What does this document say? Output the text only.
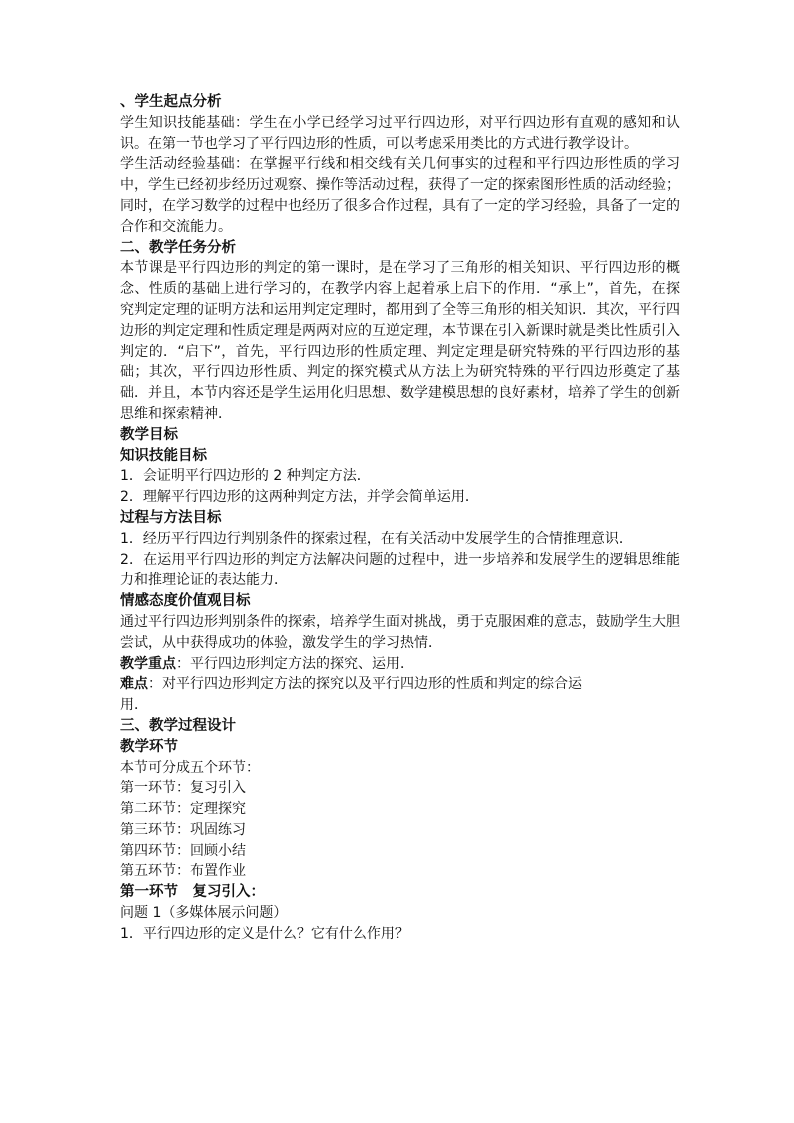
、学生起点分析

学生知识技能基础：学生在小学已经学习过平行四边形，对平行四边形有直观的感知和认识。在第一节也学习了平行四边形的性质，可以考虑采用类比的方式进行教学设计。

学生活动经验基础：在掌握平行线和相交线有关几何事实的过程和平行四边形性质的学习中，学生已经初步经历过观察、操作等活动过程，获得了一定的探索图形性质的活动经验；同时，在学习数学的过程中也经历了很多合作过程，具有了一定的学习经验，具备了一定的合作和交流能力。

二、教学任务分析

本节课是平行四边形的判定的第一课时，是在学习了三角形的相关知识、平行四边形的概念、性质的基础上进行学习的，在教学内容上起着承上启下的作用．“承上”，首先，在探究判定定理的证明方法和运用判定定理时，都用到了全等三角形的相关知识．其次，平行四边形的判定定理和性质定理是两两对应的互逆定理，本节课在引入新课时就是类比性质引入判定的．“启下”，首先，平行四边形的性质定理、判定定理是研究特殊的平行四边形的基础；其次，平行四边形性质、判定的探究模式从方法上为研究特殊的平行四边形奠定了基础．并且，本节内容还是学生运用化归思想、数学建模思想的良好素材，培养了学生的创新思维和探索精神．

教学目标
知识技能目标
1．会证明平行四边形的 2 种判定方法．
2．理解平行四边形的这两种判定方法，并学会简单运用．
过程与方法目标

1．经历平行四边行判别条件的探索过程，在有关活动中发展学生的合情推理意识．

2．在运用平行四边形的判定方法解决问题的过程中，进一步培养和发展学生的逻辑思维能力和推理论证的表达能力．

情感态度价值观目标

通过平行四边形判别条件的探索，培养学生面对挑战，勇于克服困难的意志，鼓励学生大胆尝试，从中获得成功的体验，激发学生的学习热情．

教学重点：平行四边形判定方法的探究、运用．
难点：对平行四边形判定方法的探究以及平行四边形的性质和判定的综合运
用．
三、教学过程设计
教学环节
本节可分成五个环节：
第一环节：复习引入
第二环节：定理探究
第三环节：巩固练习
第四环节：回顾小结
第五环节：布置作业
第一环节　复习引入：
问题 1（多媒体展示问题）
1．平行四边形的定义是什么？它有什么作用？
